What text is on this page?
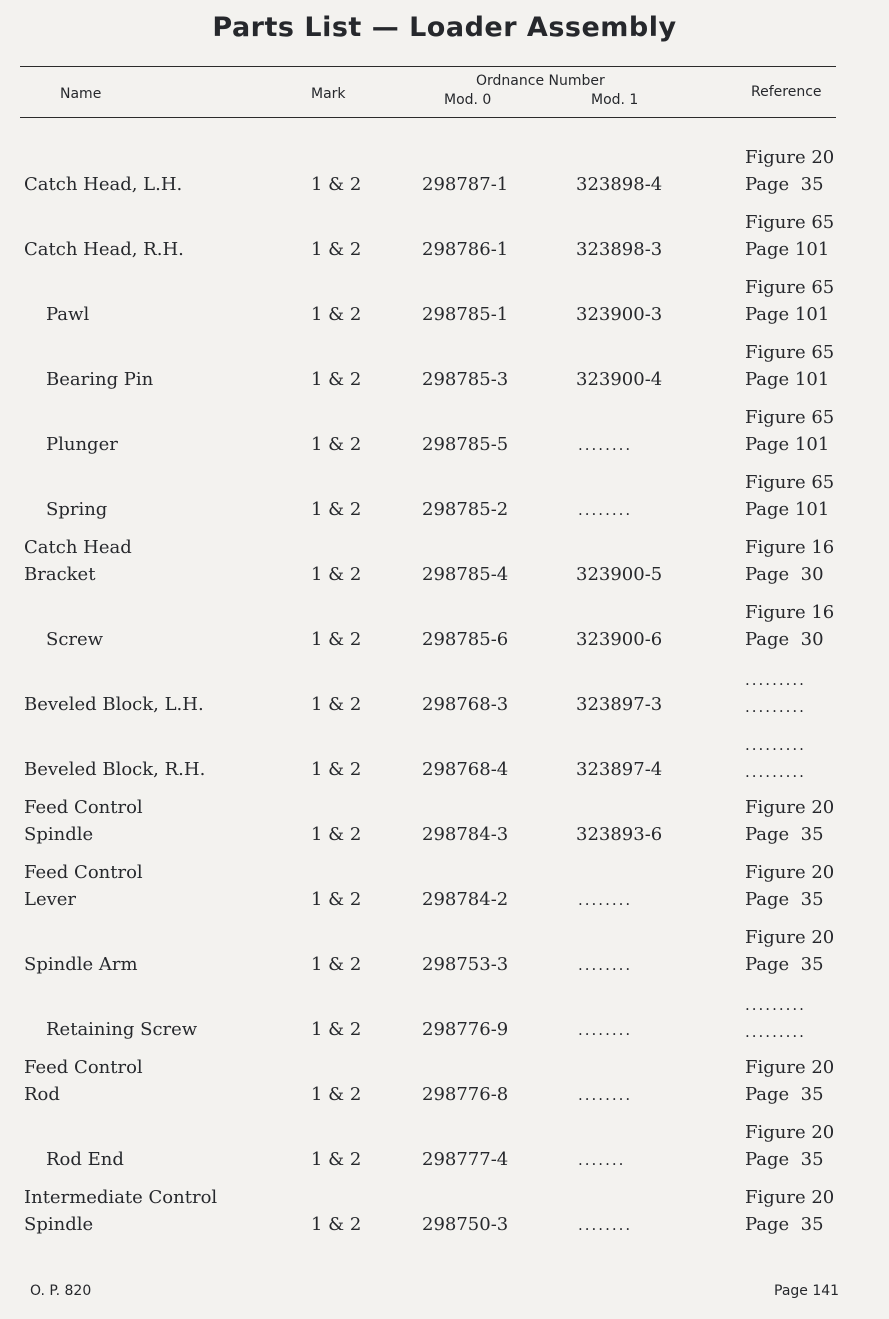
Parts List — Loader Assembly
Name	Mark
Ordnance Number
Mod. 0	Mod. 1	Reference
Catch Head, L.H.	1 & 2	298787-1	323898-4
Figure 20
Page  35
Catch Head, R.H.	1 & 2	298786-1	323898-3
Figure 65
Page 101
Pawl	1 & 2	298785-1	323900-3
Figure 65
Page 101
Bearing Pin	1 & 2	298785-3	323900-4
Figure 65
Page 101
Plunger	1 & 2	298785-5	........
Figure 65
Page 101
Spring	1 & 2	298785-2	........
Figure 65
Page 101
Catch Head
Bracket	1 & 2	298785-4	323900-5
Figure 16
Page  30
Screw	1 & 2	298785-6	323900-6
Figure 16
Page  30
Beveled Block, L.H.	1 & 2	298768-3	323897-3
.........
.........
Beveled Block, R.H.	1 & 2	298768-4	323897-4
.........
.........
Feed Control
Spindle	1 & 2	298784-3	323893-6
Figure 20
Page  35
Feed Control
Lever	1 & 2	298784-2	........
Figure 20
Page  35
Spindle Arm	1 & 2	298753-3	........
Figure 20
Page  35
Retaining Screw	1 & 2	298776-9	........
.........
.........
Feed Control
Rod	1 & 2	298776-8	........
Figure 20
Page  35
Rod End	1 & 2	298777-4	.......
Figure 20
Page  35
Intermediate Control
Spindle	1 & 2	298750-3	........
Figure 20
Page  35
O. P. 820	Page 141
